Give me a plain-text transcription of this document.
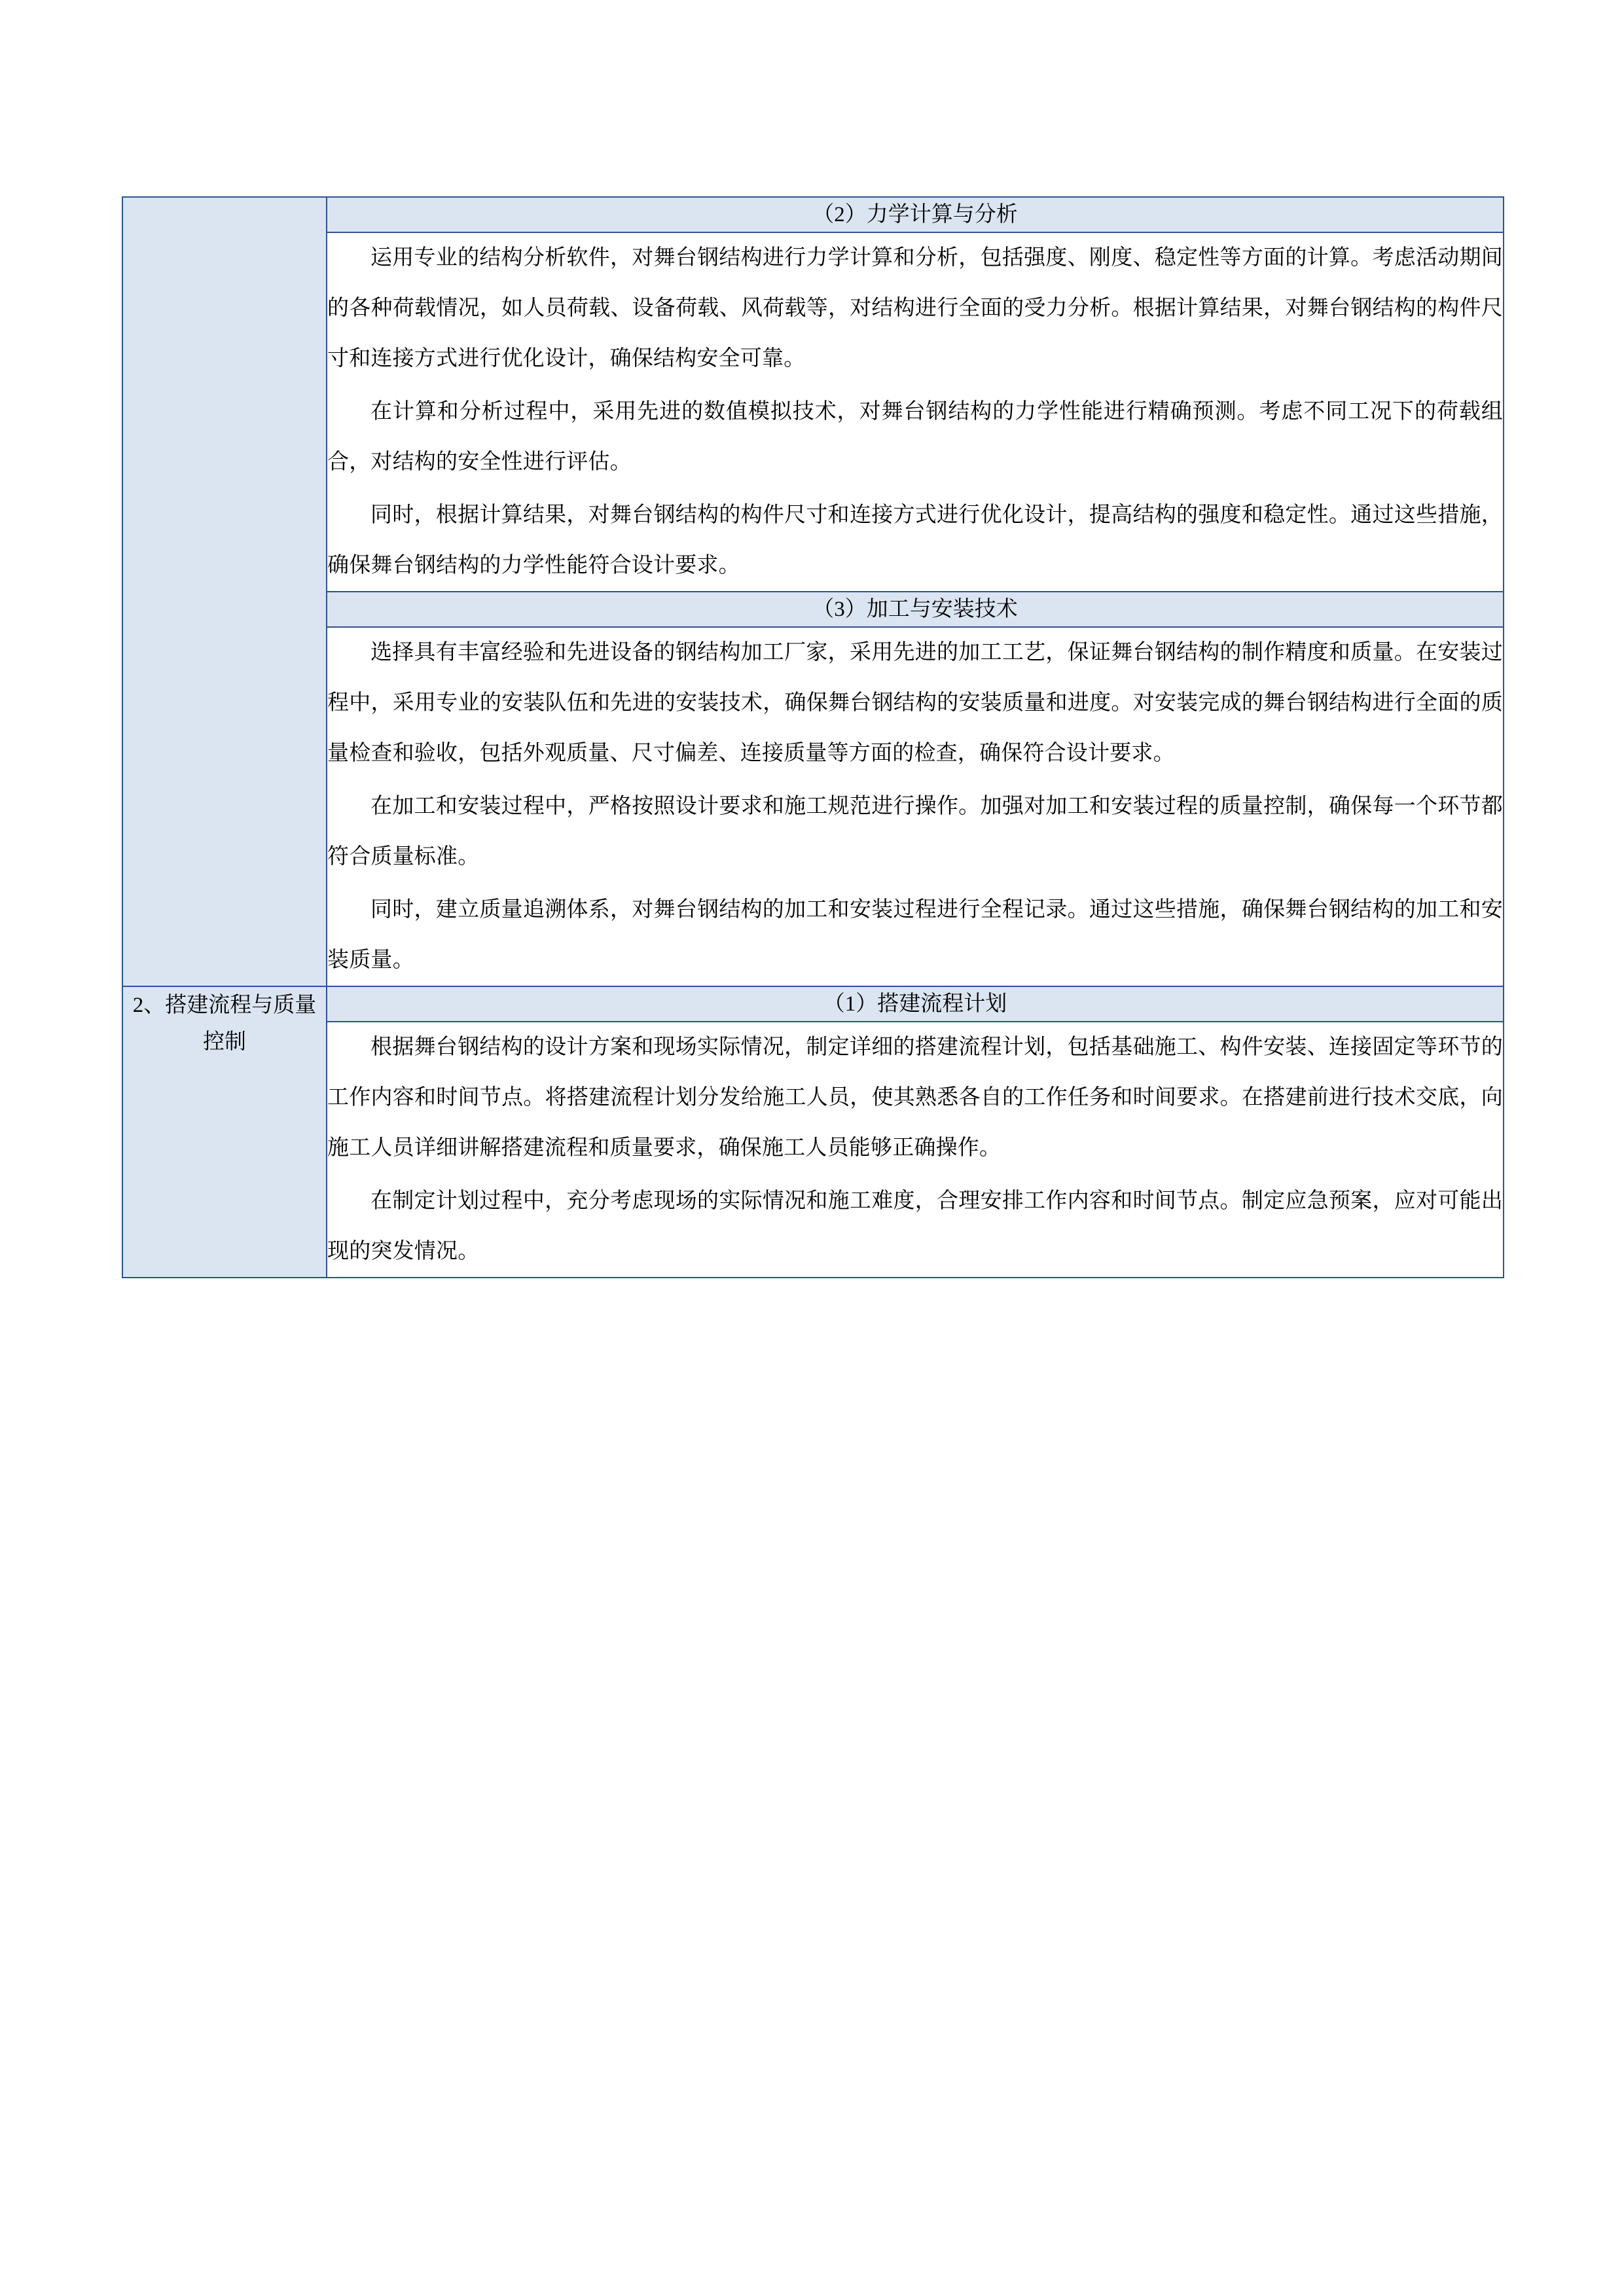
	（2）力学计算与分析

	运用专业的结构分析软件，对舞台钢结构进行力学计算和分析，包括强度、刚度、稳定性等方面的计算。考虑活动期间的各种荷载情况，如人员荷载、设备荷载、风荷载等，对结构进行全面的受力分析。根据计算结果，对舞台钢结构的构件尺寸和连接方式进行优化设计，确保结构安全可靠。

在计算和分析过程中，采用先进的数值模拟技术，对舞台钢结构的力学性能进行精确预测。考虑不同工况下的荷载组合，对结构的安全性进行评估。

同时，根据计算结果，对舞台钢结构的构件尺寸和连接方式进行优化设计，提高结构的强度和稳定性。通过这些措施，确保舞台钢结构的力学性能符合设计要求。

	（3）加工与安装技术

	选择具有丰富经验和先进设备的钢结构加工厂家，采用先进的加工工艺，保证舞台钢结构的制作精度和质量。在安装过程中，采用专业的安装队伍和先进的安装技术，确保舞台钢结构的安装质量和进度。对安装完成的舞台钢结构进行全面的质量检查和验收，包括外观质量、尺寸偏差、连接质量等方面的检查，确保符合设计要求。

在加工和安装过程中，严格按照设计要求和施工规范进行操作。加强对加工和安装过程的质量控制，确保每一个环节都符合质量标准。

同时，建立质量追溯体系，对舞台钢结构的加工和安装过程进行全程记录。通过这些措施，确保舞台钢结构的加工和安装质量。

2、搭建流程与质量控制	（1）搭建流程计划

	根据舞台钢结构的设计方案和现场实际情况，制定详细的搭建流程计划，包括基础施工、构件安装、连接固定等环节的工作内容和时间节点。将搭建流程计划分发给施工人员，使其熟悉各自的工作任务和时间要求。在搭建前进行技术交底，向施工人员详细讲解搭建流程和质量要求，确保施工人员能够正确操作。

在制定计划过程中，充分考虑现场的实际情况和施工难度，合理安排工作内容和时间节点。制定应急预案，应对可能出现的突发情况。
